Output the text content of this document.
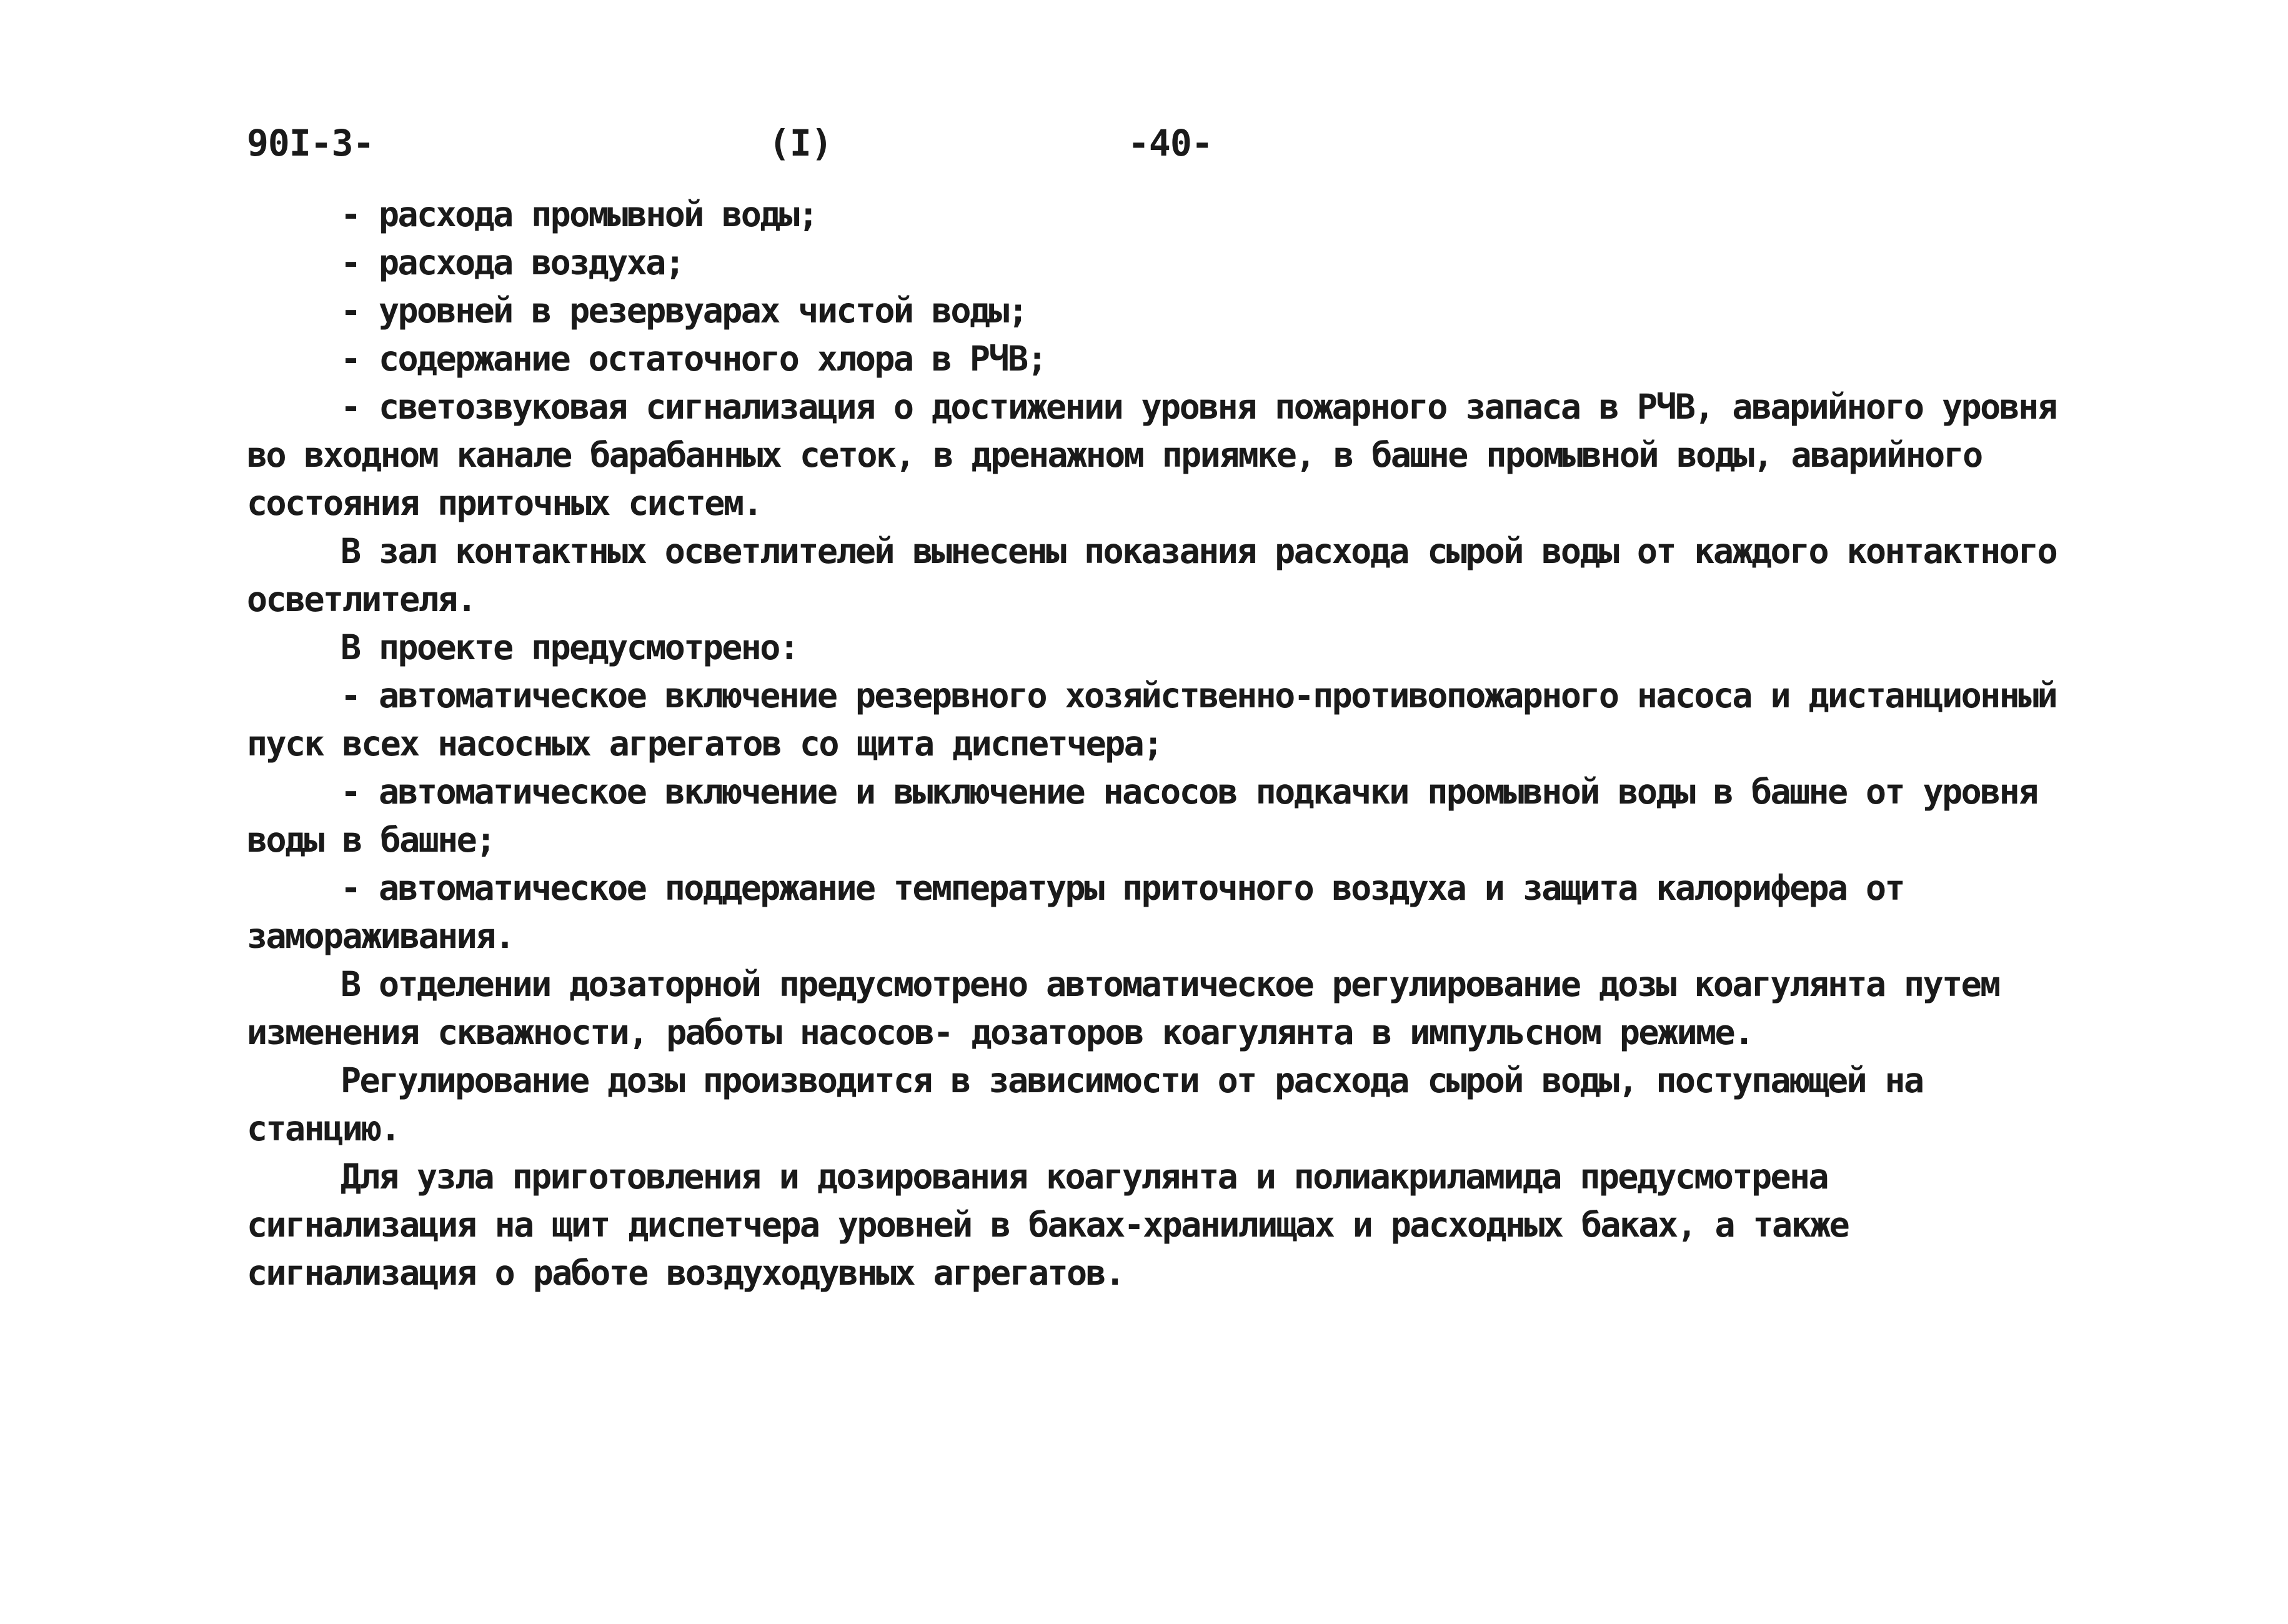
90I-3-	(I)	-40-

- расхода промывной воды;

- расхода воздуха;

- уровней в резервуарах чистой воды;

- содержание остаточного хлора в РЧВ;

- светозвуковая сигнализация о достижении уровня пожарного запаса в РЧВ, аварийного уровня во входном канале барабанных сеток, в дренажном приямке, в башне промывной воды, аварийного состояния приточных систем.

В зал контактных осветлителей вынесены показания расхода сырой воды от каждого контактного осветлителя.

В проекте предусмотрено:

- автоматическое включение резервного хозяйственно-противопожарного насоса и дистанционный пуск всех насосных агрегатов со щита диспетчера;

- автоматическое включение и выключение насосов подкачки промывной воды в башне от уровня воды в башне;

- автоматическое поддержание температуры приточного воздуха и защита калорифера от замораживания.

В отделении дозаторной предусмотрено автоматическое регулирование дозы коагулянта путем изменения скважности, работы насосов- дозаторов коагулянта в импульсном режиме.

Регулирование дозы производится в зависимости от расхода сырой воды, поступающей на станцию.

Для узла приготовления и дозирования коагулянта и полиакриламида предусмотрена сигнализация на щит диспетчера уровней в баках-хранилищах и расходных баках, а также сигнализация о работе воздуходувных агрегатов.
